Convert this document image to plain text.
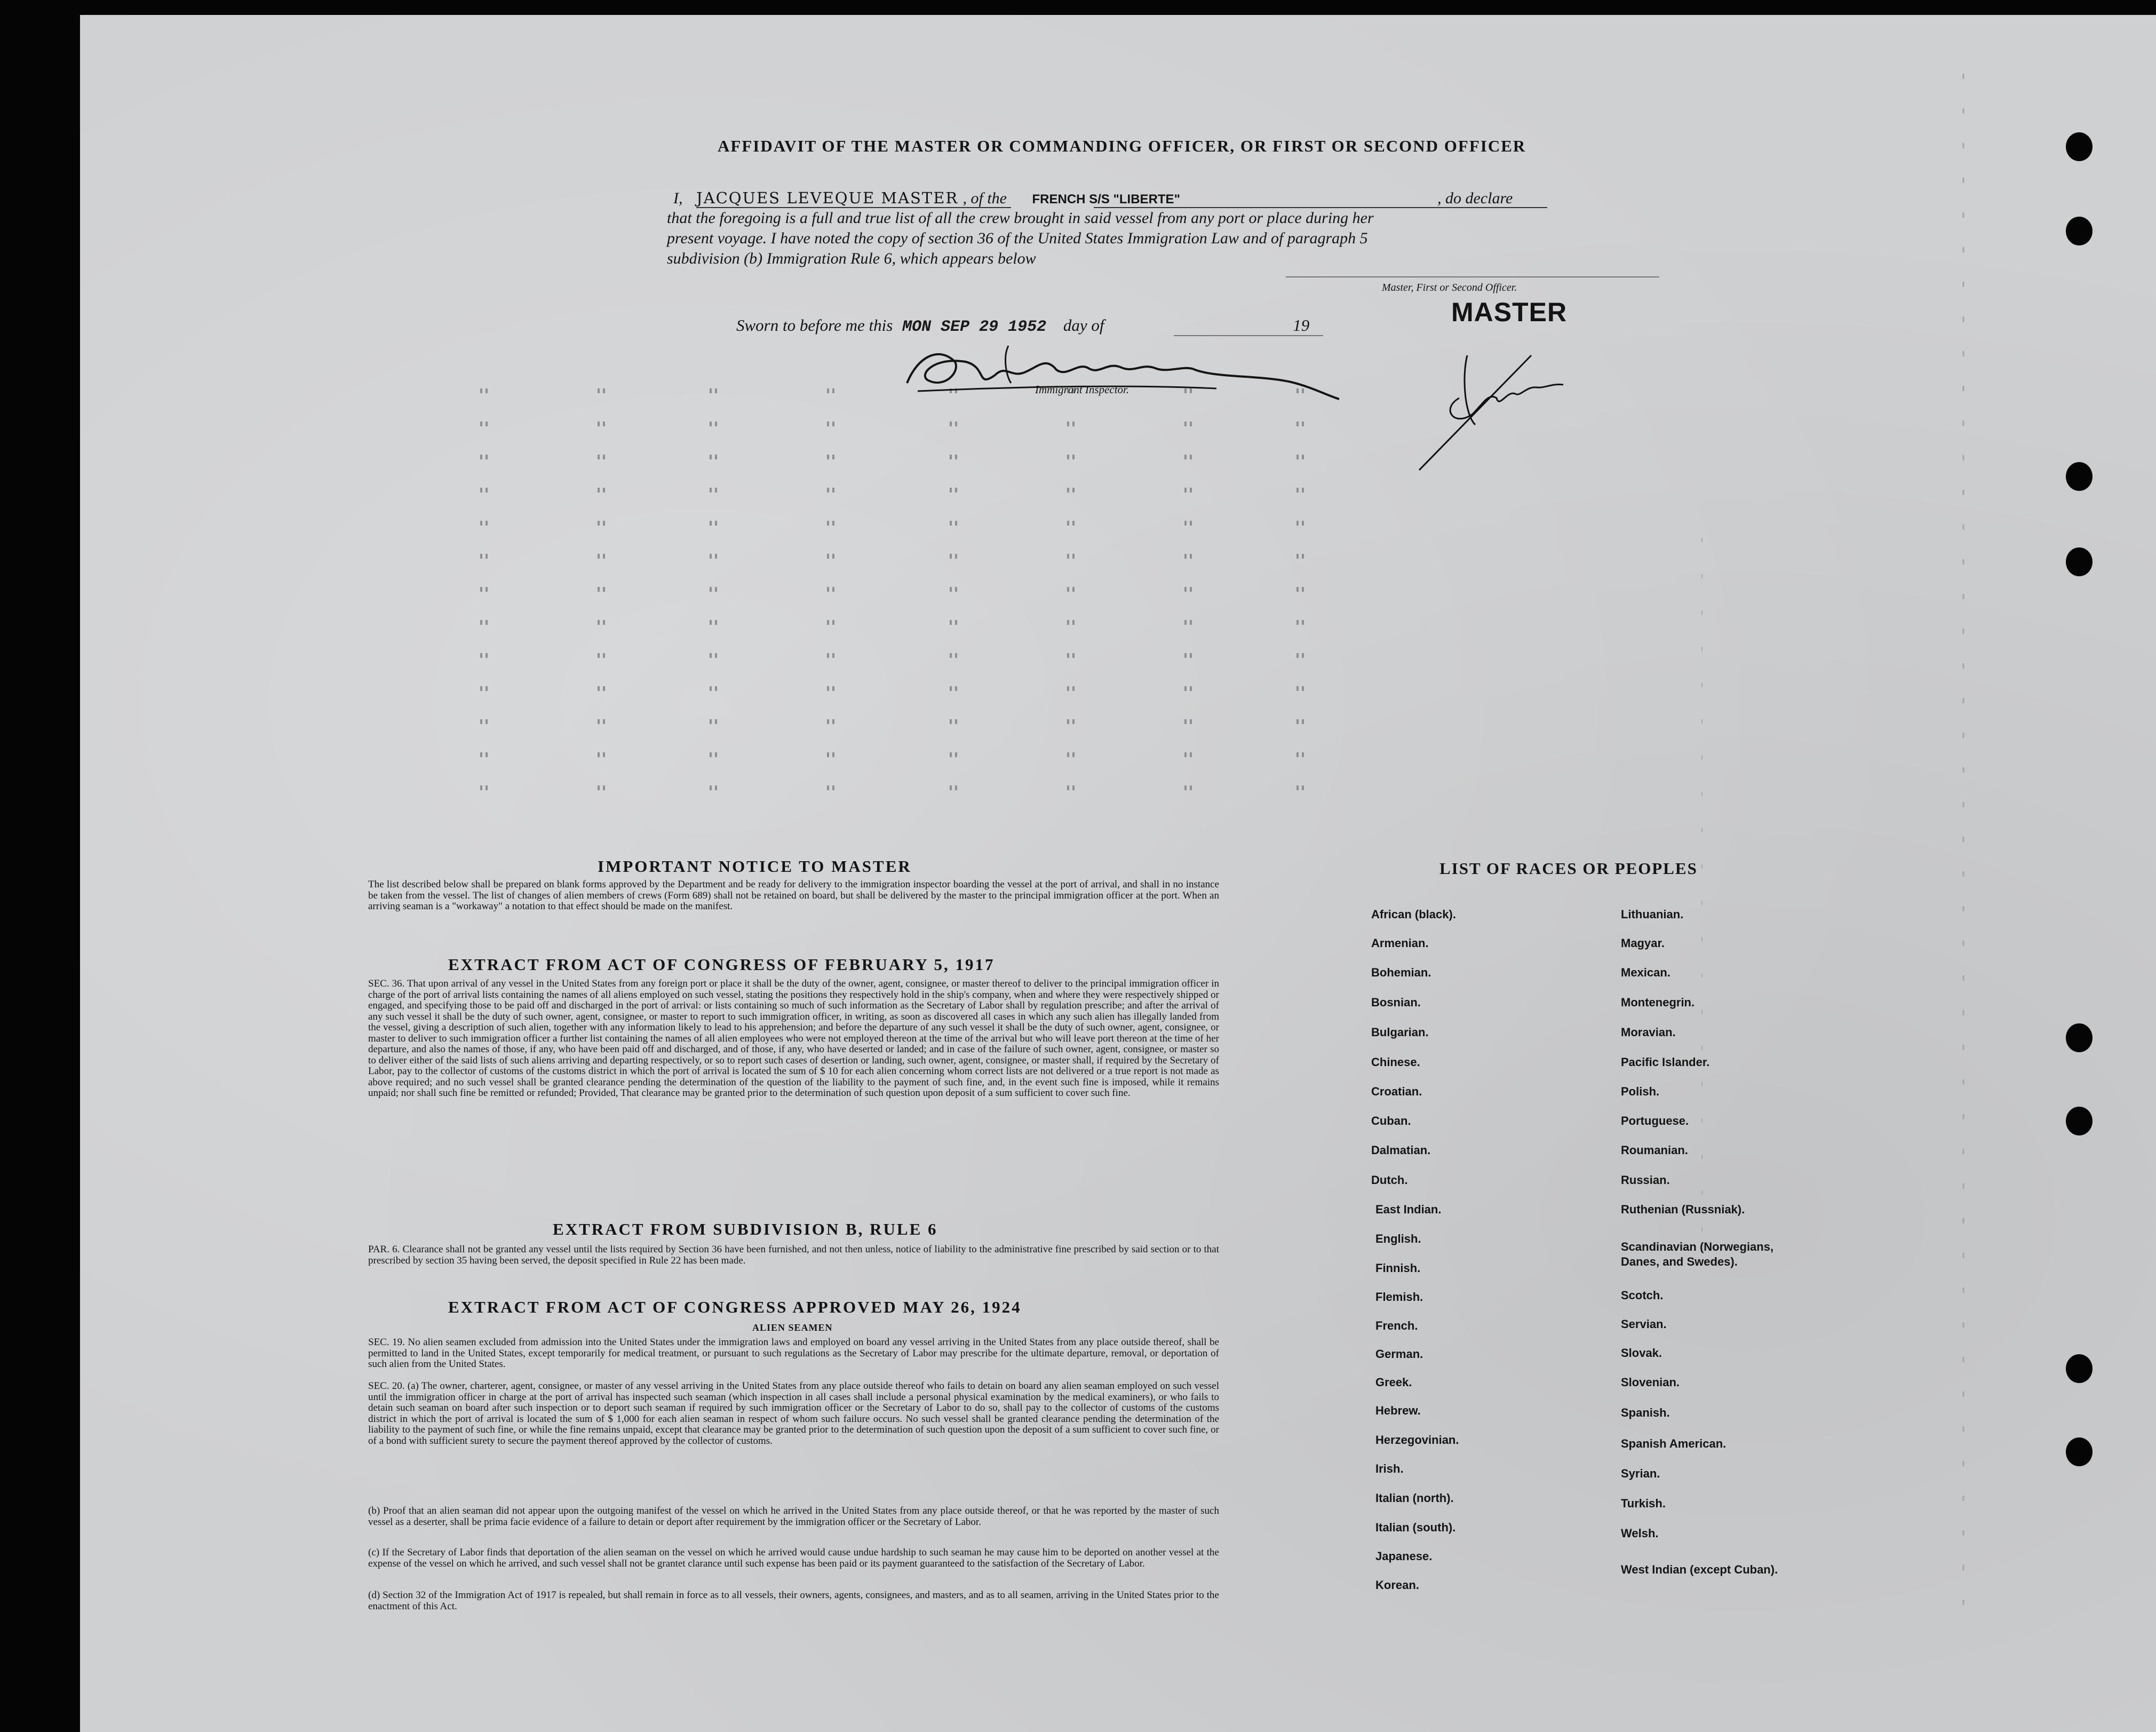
AFFIDAVIT OF THE MASTER OR COMMANDING OFFICER, OR FIRST OR SECOND OFFICER
I, JACQUES LEVEQUE MASTER , of the FRENCH S/S "LIBERTE"	, do declare
that the foregoing is a full and true list of all the crew brought in said vessel from any port or place during her
present voyage. I have noted the copy of section 36 of the United States Immigration Law and of paragraph 5
subdivision (b) Immigration Rule 6, which appears below
Master, First or Second Officer.
MASTER
Sworn to before me this MON SEP 29 1952 day of	19
Immigrant Inspector.
IMPORTANT NOTICE TO MASTER
The list described below shall be prepared on blank forms approved by the Department and be ready for delivery to the immigration inspector boarding the vessel at the port of arrival, and shall in no instance be taken from the vessel. The list of changes of alien members of crews (Form 689) shall not be retained on board, but shall be delivered by the master to the principal immigration officer at the port. When an arriving seaman is a "workaway" a notation to that effect should be made on the manifest.
EXTRACT FROM ACT OF CONGRESS OF FEBRUARY 5, 1917
SEC. 36. That upon arrival of any vessel in the United States from any foreign port or place it shall be the duty of the owner, agent, consignee, or master thereof to deliver to the principal immigration officer in charge of the port of arrival lists containing the names of all aliens employed on such vessel, stating the positions they respectively hold in the ship's company, when and where they were respectively shipped or engaged, and specifying those to be paid off and discharged in the port of arrival: or lists containing so much of such information as the Secretary of Labor shall by regulation prescribe; and after the arrival of any such vessel it shall be the duty of such owner, agent, consignee, or master to report to such immigration officer, in writing, as soon as discovered all cases in which any such alien has illegally landed from the vessel, giving a description of such alien, together with any information likely to lead to his apprehension; and before the departure of any such vessel it shall be the duty of such owner, agent, consignee, or master to deliver to such immigration officer a further list containing the names of all alien employees who were not employed thereon at the time of the arrival but who will leave port thereon at the time of her departure, and also the names of those, if any, who have been paid off and discharged, and of those, if any, who have deserted or landed; and in case of the failure of such owner, agent, consignee, or master so to deliver either of the said lists of such aliens arriving and departing respectively, or so to report such cases of desertion or landing, such owner, agent, consignee, or master shall, if required by the Secretary of Labor, pay to the collector of customs of the customs district in which the port of arrival is located the sum of $ 10 for each alien concerning whom correct lists are not delivered or a true report is not made as above required; and no such vessel shall be granted clearance pending the determination of the question of the liability to the payment of such fine, and, in the event such fine is imposed, while it remains unpaid; nor shall such fine be remitted or refunded; Provided, That clearance may be granted prior to the determination of such question upon deposit of a sum sufficient to cover such fine.
EXTRACT FROM SUBDIVISION B, RULE 6
PAR. 6. Clearance shall not be granted any vessel until the lists required by Section 36 have been furnished, and not then unless, notice of liability to the administrative fine prescribed by said section or to that prescribed by section 35 having been served, the deposit specified in Rule 22 has been made.
EXTRACT FROM ACT OF CONGRESS APPROVED MAY 26, 1924
ALIEN SEAMEN
SEC. 19. No alien seamen excluded from admission into the United States under the immigration laws and employed on board any vessel arriving in the United States from any place outside thereof, shall be permitted to land in the United States, except temporarily for medical treatment, or pursuant to such regulations as the Secretary of Labor may prescribe for the ultimate departure, removal, or deportation of such alien from the United States.
SEC. 20. (a) The owner, charterer, agent, consignee, or master of any vessel arriving in the United States from any place outside thereof who fails to detain on board any alien seaman employed on such vessel until the immigration officer in charge at the port of arrival has inspected such seaman (which inspection in all cases shall include a personal physical examination by the medical examiners), or who fails to detain such seaman on board after such inspection or to deport such seaman if required by such immigration officer or the Secretary of Labor to do so, shall pay to the collector of customs of the customs district in which the port of arrival is located the sum of $ 1,000 for each alien seaman in respect of whom such failure occurs. No such vessel shall be granted clearance pending the determination of the liability to the payment of such fine, or while the fine remains unpaid, except that clearance may be granted prior to the determination of such question upon the deposit of a sum sufficient to cover such fine, or of a bond with sufficient surety to secure the payment thereof approved by the collector of customs.
(b) Proof that an alien seaman did not appear upon the outgoing manifest of the vessel on which he arrived in the United States from any place outside thereof, or that he was reported by the master of such vessel as a deserter, shall be prima facie evidence of a failure to detain or deport after requirement by the immigration officer or the Secretary of Labor.
(c) If the Secretary of Labor finds that deportation of the alien seaman on the vessel on which he arrived would cause undue hardship to such seaman he may cause him to be deported on another vessel at the expense of the vessel on which he arrived, and such vessel shall not be grantet clarance until such expense has been paid or its payment guaranteed to the satisfaction of the Secretary of Labor.
(d) Section 32 of the Immigration Act of 1917 is repealed, but shall remain in force as to all vessels, their owners, agents, consignees, and masters, and as to all seamen, arriving in the United States prior to the enactment of this Act.
LIST OF RACES OR PEOPLES
African (black).
Armenian.
Bohemian.
Bosnian.
Bulgarian.
Chinese.
Croatian.
Cuban.
Dalmatian.
Dutch.
East Indian.
English.
Finnish.
Flemish.
French.
German.
Greek.
Hebrew.
Herzegovinian.
Irish.
Italian (north).
Italian (south).
Japanese.
Korean.
Lithuanian.
Magyar.
Mexican.
Montenegrin.
Moravian.
Pacific Islander.
Polish.
Portuguese.
Roumanian.
Russian.
Ruthenian (Russniak).
Scandinavian (Norwegians, Danes, and Swedes).
Scotch.
Servian.
Slovak.
Slovenian.
Spanish.
Spanish American.
Syrian.
Turkish.
Welsh.
West Indian (except Cuban).
